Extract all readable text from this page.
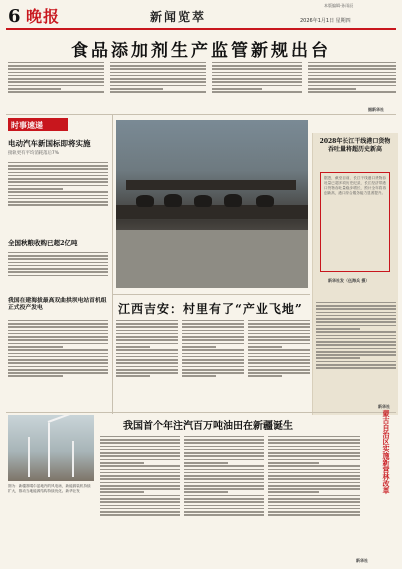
6 晚报	新闻览萃
本版编辑·孙雨辰
2026年1月1日 星期四
食品添加剂生产监管新规出台
据新华社
时事速递
电动汽车新国标即将实施
接轨更有平均消耗落后7%
全国秋粮收购已超2亿吨
我国在建海拔最高双曲拱坝电站首机组正式投产发电
2028年长江干线港口货物吞吐量将超历史新高
据悉，截至目前，长江干线港口货物吞吐量已超多项历史纪录，长江经济带港口货物吞吐量稳步增长，预计全年将再创新高，港口综合服务能力显著提升。
新华社发（伍海兵 摄）
江西吉安：村里有了“产业飞地”
新华社
图为：新疆准噶尔盆地内的风电场，新能源装机持续扩大，推动当地能源结构持续优化。新华社发
我国首个年注汽百万吨油田在新疆诞生	蒙古自治区实施新营林改革
新华社
